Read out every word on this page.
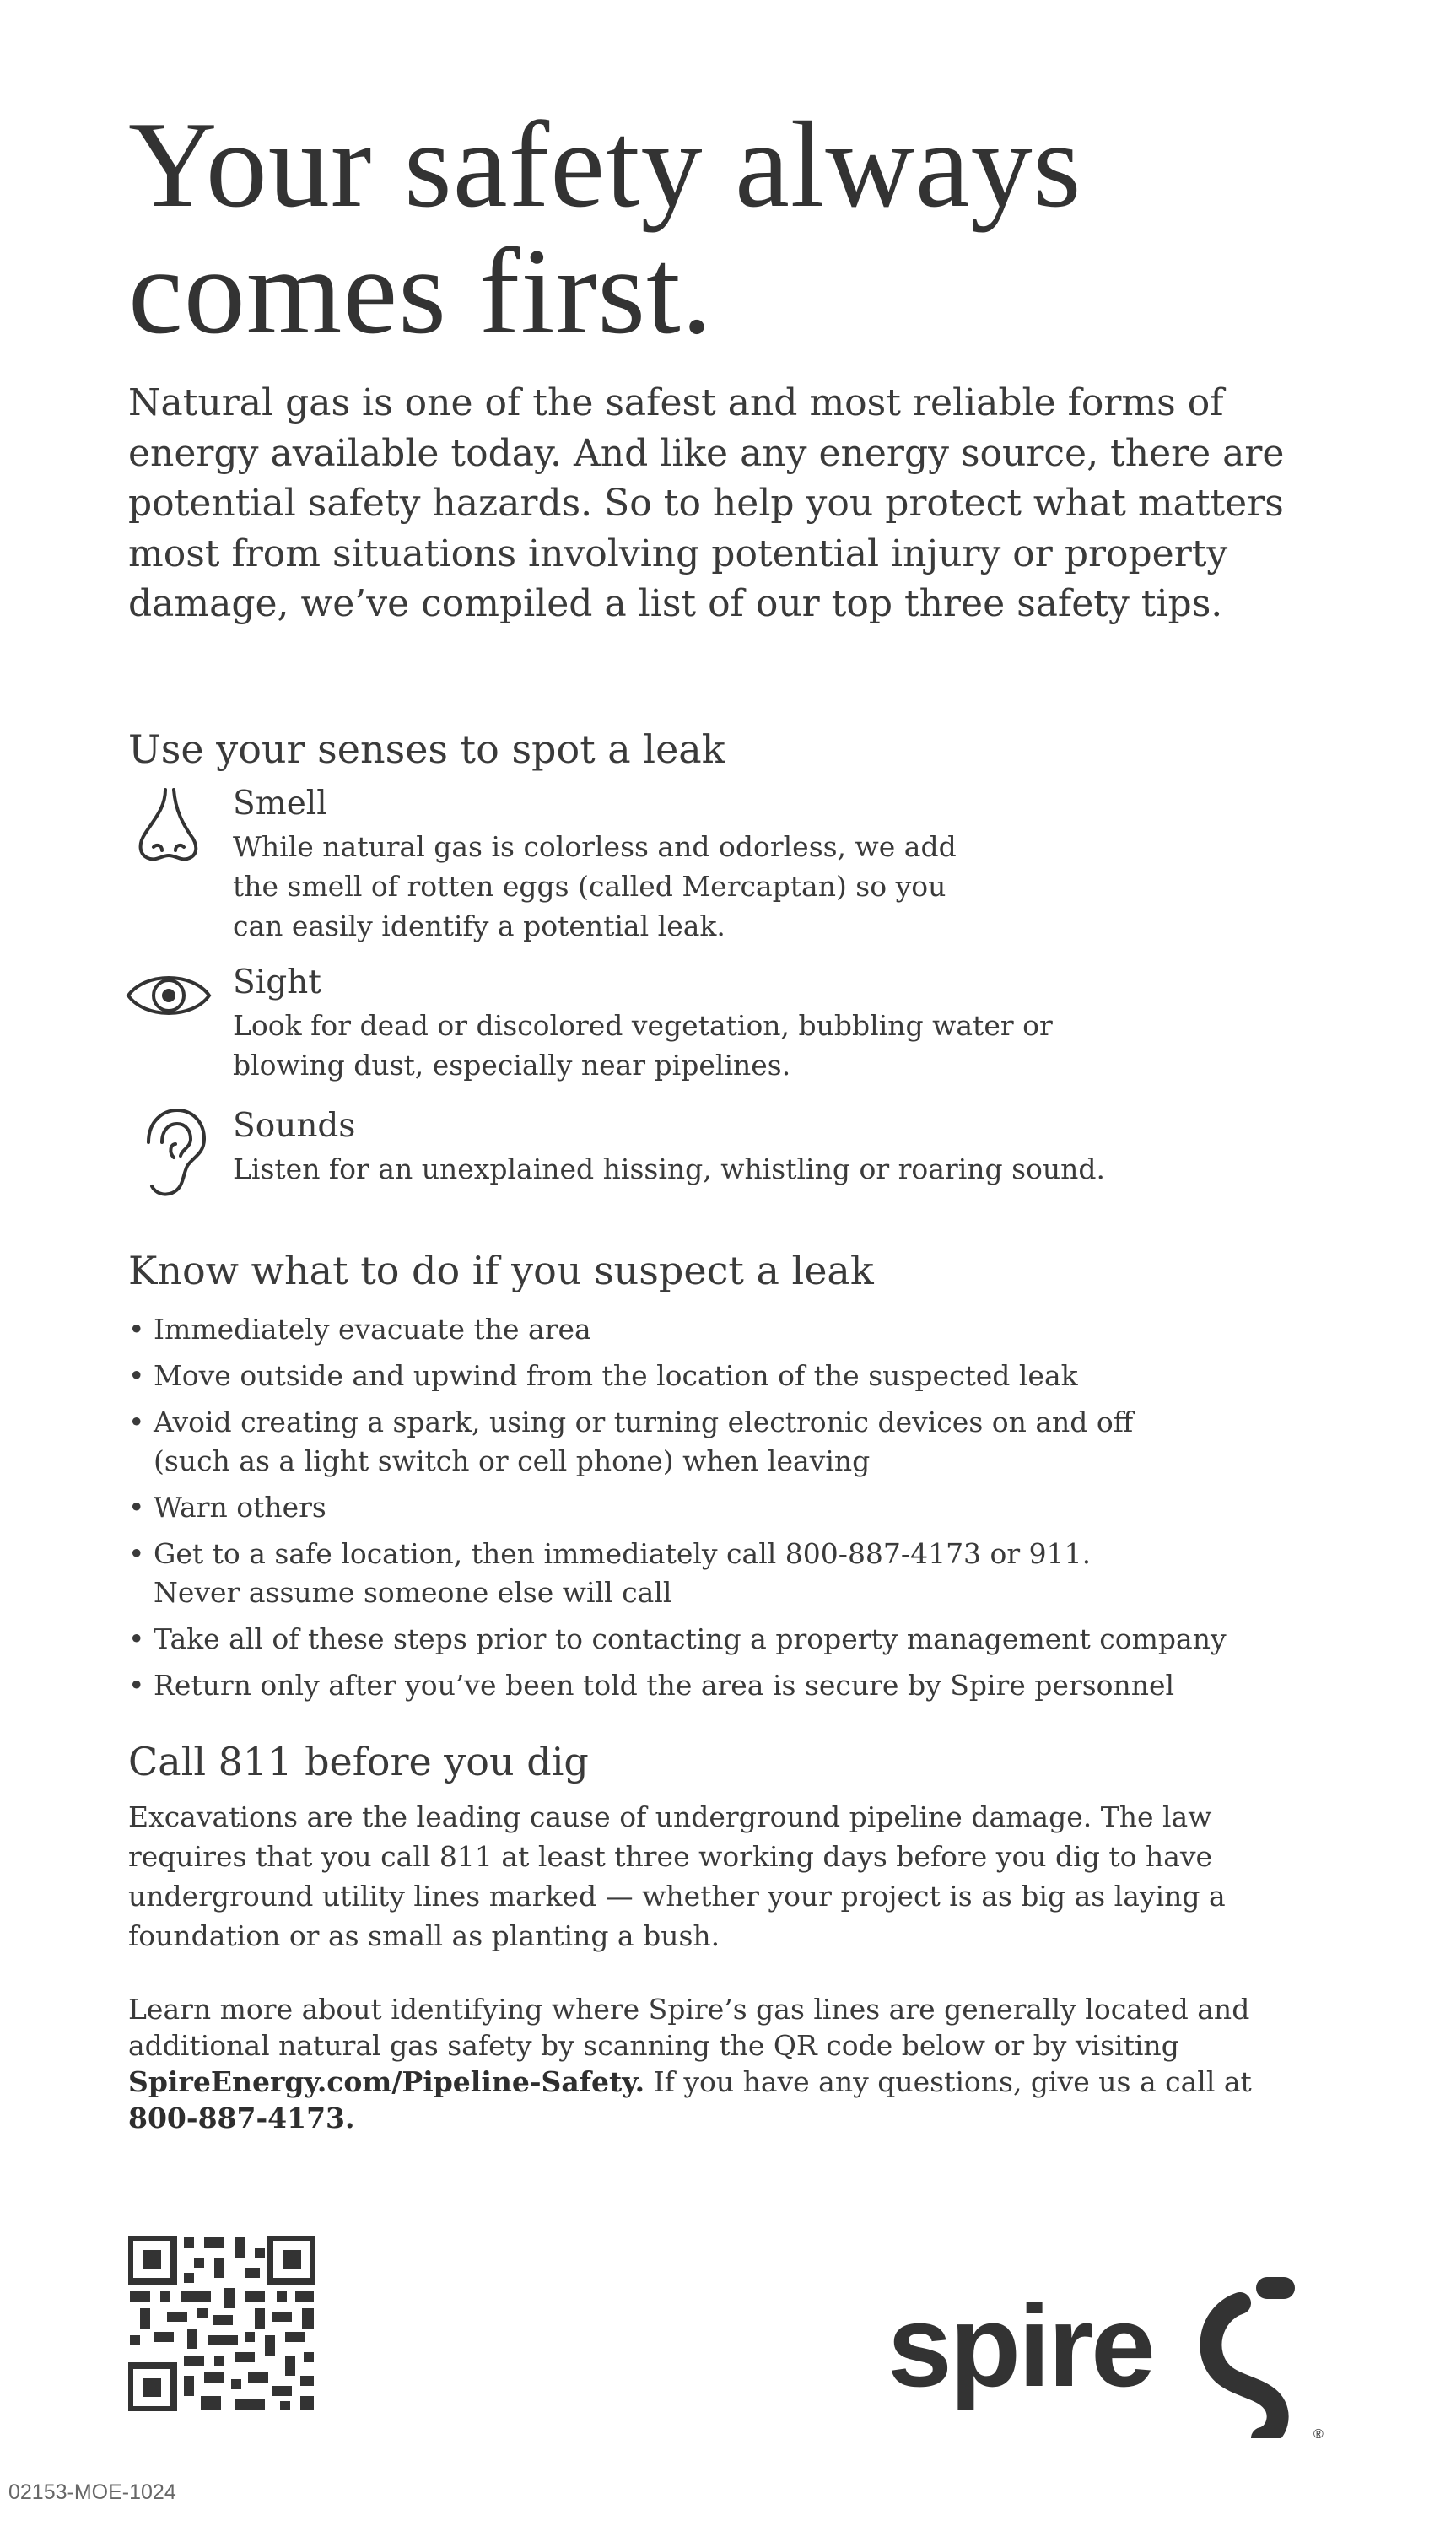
Your safety always comes first.

Natural gas is one of the safest and most reliable forms of energy available today. And like any energy source, there are potential safety hazards. So to help you protect what matters most from situations involving potential injury or property damage, we’ve compiled a list of our top three safety tips.

Use your senses to spot a leak
Smell

While natural gas is colorless and odorless, we add the smell of rotten eggs (called Mercaptan) so you can easily identify a potential leak.

Sight

Look for dead or discolored vegetation, bubbling water or blowing dust, especially near pipelines.

Sounds

Listen for an unexplained hissing, whistling or roaring sound.

Know what to do if you suspect a leak
• Immediately evacuate the area
• Move outside and upwind from the location of the suspected leak
• Avoid creating a spark, using or turning electronic devices on and off (such as a light switch or cell phone) when leaving
• Warn others
• Get to a safe location, then immediately call 800-887-4173 or 911. Never assume someone else will call
• Take all of these steps prior to contacting a property management company
• Return only after you’ve been told the area is secure by Spire personnel
Call 811 before you dig

Excavations are the leading cause of underground pipeline damage. The law requires that you call 811 at least three working days before you dig to have underground utility lines marked — whether your project is as big as laying a foundation or as small as planting a bush.

Learn more about identifying where Spire’s gas lines are generally located and additional natural gas safety by scanning the QR code below or by visiting SpireEnergy.com/Pipeline-Safety. If you have any questions, give us a call at 800-887-4173.

spire
®
02153-MOE-1024
